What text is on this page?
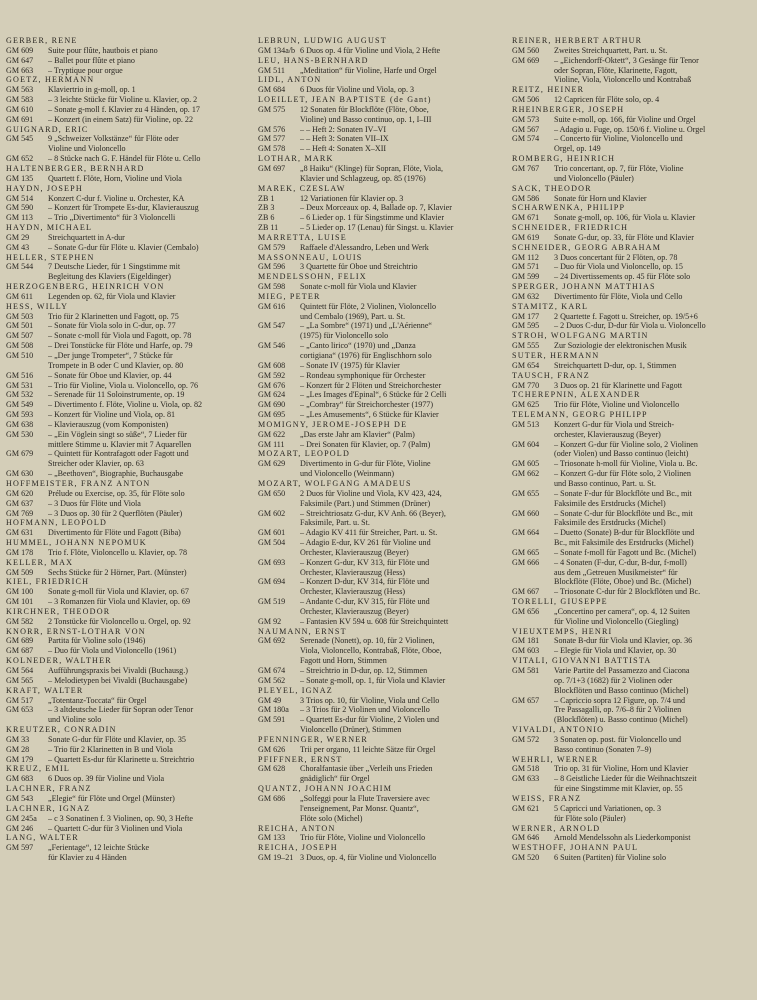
GERBER, RENE
GM 609	Suite pour flûte, hautbois et piano
GM 647	– Ballet pour flûte et piano
GM 663	– Tryptique pour orgue
GOETZ, HERMANN
GM 563	Klaviertrio in g-moll, op. 1
GM 583	– 3 leichte Stücke für Violine u. Klavier, op. 2
GM 610	– Sonate g-moll f. Klavier zu 4 Händen, op. 17
GM 691	– Konzert (in einem Satz) für Violine, op. 22
GUIGNARD, ERIC
GM 545	9 „Schweizer Volkstänze“ für Flöte oder
Violine und Violoncello
GM 652	– 8 Stücke nach G. F. Händel für Flöte u. Cello
HALTENBERGER, BERNHARD
GM 135	Quartett f. Flöte, Horn, Violine und Viola
HAYDN, JOSEPH
GM 514	Konzert C-dur f. Violine u. Orchester, KA
GM 590	– Konzert für Trompete Es-dur, Klavierauszug
GM 113	– Trio „Divertimento“ für 3 Violoncelli
HAYDN, MICHAEL
GM 29	Streichquartett in A-dur
GM 43	– Sonate G-dur für Flöte u. Klavier (Cembalo)
HELLER, STEPHEN
GM 544	7 Deutsche Lieder, für 1 Singstimme mit
Begleitung des Klaviers (Eigeldinger)
HERZOGENBERG, HEINRICH VON
GM 611	Legenden op. 62, für Viola und Klavier
HESS, WILLY
GM 503	Trio für 2 Klarinetten und Fagott, op. 75
GM 501	– Sonate für Viola solo in C-dur, op. 77
GM 507	– Sonate c-moll für Viola und Fagott, op. 78
GM 508	– Drei Tonstücke für Flöte und Harfe, op. 79
GM 510	– „Der junge Trompeter“, 7 Stücke für
Trompete in B oder C und Klavier, op. 80
GM 516	– Sonate für Oboe und Klavier, op. 44
GM 531	– Trio für Violine, Viola u. Violoncello, op. 76
GM 532	– Serenade für 11 Soloinstrumente, op. 19
GM 549	– Divertimento f. Flöte, Violine u. Viola, op. 82
GM 593	– Konzert für Violine und Viola, op. 81
GM 638	– Klavierauszug (vom Komponisten)
GM 530	– „Ein Vöglein singt so süße“, 7 Lieder für
mittlere Stimme u. Klavier mit 7 Aquarellen
GM 679	– Quintett für Kontrafagott oder Fagott und
Streicher oder Klavier, op. 63
GM 630	– „Beethoven“, Biographie, Buchausgabe
HOFFMEISTER, FRANZ ANTON
GM 620	Prélude ou Exercise, op. 35, für Flöte solo
GM 637	– 3 Duos für Flöte und Viola
GM 769	– 3 Duos op. 30 für 2 Querflöten (Päuler)
HOFMANN, LEOPOLD
GM 631	Divertimento für Flöte und Fagott (Biba)
HUMMEL, JOHANN NEPOMUK
GM 178	Trio f. Flöte, Violoncello u. Klavier, op. 78
KELLER, MAX
GM 509	Sechs Stücke für 2 Hörner, Part. (Münster)
KIEL, FRIEDRICH
GM 100	Sonate g-moll für Viola und Klavier, op. 67
GM 101	– 3 Romanzen für Viola und Klavier, op. 69
KIRCHNER, THEODOR
GM 582	2 Tonstücke für Violoncello u. Orgel, op. 92
KNORR, ERNST-LOTHAR VON
GM 689	Partita für Violine solo (1946)
GM 687	– Duo für Viola und Violoncello (1961)
KOLNEDER, WALTHER
GM 564	Aufführungspraxis bei Vivaldi (Buchausg.)
GM 565	– Melodietypen bei Vivaldi (Buchausgabe)
KRAFT, WALTER
GM 517	„Totentanz-Toccata“ für Orgel
GM 653	– 3 altdeutsche Lieder für Sopran oder Tenor
und Violine solo
KREUTZER, CONRADIN
GM 33	Sonate G-dur für Flöte und Klavier, op. 35
GM 28	– Trio für 2 Klarinetten in B und Viola
GM 179	– Quartett Es-dur für Klarinette u. Streichtrio
KREUZ, EMIL
GM 683	6 Duos op. 39 für Violine und Viola
LACHNER, FRANZ
GM 543	„Elegie“ für Flöte und Orgel (Münster)
LACHNER, IGNAZ
GM 245a	– c 3 Sonatinen f. 3 Violinen, op. 90, 3 Hefte
GM 246	– Quartett C-dur für 3 Violinen und Viola
LANG, WALTER
GM 597	„Ferientage“, 12 leichte Stücke
für Klavier zu 4 Händen
LEBRUN, LUDWIG AUGUST
GM 134a/b 6 Duos op. 4 für Violine und Viola, 2 Hefte
LEU, HANS-BERNHARD
GM 511	„Meditation“ für Violine, Harfe und Orgel
LIDL, ANTON
GM 684	6 Duos für Violine und Viola, op. 3
LOEILLET, JEAN BAPTISTE (de Gant)
GM 575	12 Sonaten für Blockflöte (Flöte, Oboe,
Violine) und Basso continuo, op. 1, I–III
GM 576	– – Heft 2: Sonaten IV–VI
GM 577	– – Heft 3: Sonaten VII–IX
GM 578	– – Heft 4: Sonaten X–XII
LOTHAR, MARK
GM 697	„8 Haiku“ (Klinge) für Sopran, Flöte, Viola,
Klavier und Schlagzeug, op. 85 (1976)
MAREK, CZESLAW
ZB 1	12 Variationen für Klavier op. 3
ZB 3	– Deux Morceaux op. 4, Ballade op. 7, Klavier
ZB 6	– 6 Lieder op. 1 für Singstimme und Klavier
ZB 11	– 5 Lieder op. 17 (Lenau) für Singst. u. Klavier
MARRETTA, LUISE
GM 579	Raffaele d'Alessandro, Leben und Werk
MASSONNEAU, LOUIS
GM 596	3 Quartette für Oboe und Streichtrio
MENDELSSOHN, FELIX
GM 598	Sonate c-moll für Viola und Klavier
MIEG, PETER
GM 616	Quintett für Flöte, 2 Violinen, Violoncello
und Cembalo (1969), Part. u. St.
GM 547	– „La Sombre“ (1971) und „L'Aérienne“
(1975) für Violoncello solo
GM 546	– „Canto lirico“ (1970) und „Danza
cortigiana“ (1976) für Englischhorn solo
GM 608	– Sonate IV (1975) für Klavier
GM 592	– Rondeau symphonique für Orchester
GM 676	– Konzert für 2 Flöten und Streichorchester
GM 624	– „Les Images d'Epinal“, 6 Stücke für 2 Celli
GM 690	– „Combray“ für Streichorchester (1977)
GM 695	– „Les Amusements“, 6 Stücke für Klavier
MOMIGNY, JEROME-JOSEPH DE
GM 622	„Das erste Jahr am Klavier“ (Palm)
GM 111	– Drei Sonaten für Klavier, op. 7 (Palm)
MOZART, LEOPOLD
GM 629	Divertimento in G-dur für Flöte, Violine
und Violoncello (Weinmann)
MOZART, WOLFGANG AMADEUS
GM 650	2 Duos für Violine und Viola, KV 423, 424,
Faksimile (Part.) und Stimmen (Drüner)
GM 602	– Streichtriosatz G-dur, KV Anh. 66 (Beyer),
Faksimile, Part. u. St.
GM 601	– Adagio KV 411 für Streicher, Part. u. St.
GM 504	– Adagio E-dur, KV 261 für Violine und
Orchester, Klavierauszug (Beyer)
GM 693	– Konzert G-dur, KV 313, für Flöte und
Orchester, Klavierauszug (Hess)
GM 694	– Konzert D-dur, KV 314, für Flöte und
Orchester, Klavierauszug (Hess)
GM 519	– Andante C-dur, KV 315, für Flöte und
Orchester, Klavierauszug (Beyer)
GM 92	– Fantasien KV 594 u. 608 für Streichquintett
NAUMANN, ERNST
GM 692	Serenade (Nonett), op. 10, für 2 Violinen,
Viola, Violoncello, Kontrabaß, Flöte, Oboe,
Fagott und Horn, Stimmen
GM 674	– Streichtrio in D-dur, op. 12, Stimmen
GM 562	– Sonate g-moll, op. 1, für Viola und Klavier
PLEYEL, IGNAZ
GM 49	3 Trios op. 10, für Violine, Viola und Cello
GM 180a	– 3 Trios für 2 Violinen und Violoncello
GM 591	– Quartett Es-dur für Violine, 2 Violen und
Violoncello (Drüner), Stimmen
PFENNINGER, WERNER
GM 626	Trii per organo, 11 leichte Sätze für Orgel
PFIFFNER, ERNST
GM 628	Choralfantasie über „Verleih uns Frieden
gnädiglich“ für Orgel
QUANTZ, JOHANN JOACHIM
GM 686	„Solfeggi pour la Flute Traversiere avec
l'enseignement, Par Monsr. Quantz“,
Flöte solo (Michel)
REICHA, ANTON
GM 133	Trio für Flöte, Violine und Violoncello
REICHA, JOSEPH
GM 19–21 3 Duos, op. 4, für Violine und Violoncello
REINER, HERBERT ARTHUR
GM 560	Zweites Streichquartett, Part. u. St.
GM 669	– „Eichendorff-Oktett“, 3 Gesänge für Tenor
oder Sopran, Flöte, Klarinette, Fagott,
Violine, Viola, Violoncello und Kontrabaß
REITZ, HEINER
GM 506	12 Capricen für Flöte solo, op. 4
RHEINBERGER, JOSEPH
GM 573	Suite e-moll, op. 166, für Violine und Orgel
GM 567	– Adagio u. Fuge, op. 150/6 f. Violine u. Orgel
GM 574	– Concerto für Violine, Violoncello und
Orgel, op. 149
ROMBERG, HEINRICH
GM 767	Trio concertant, op. 7, für Flöte, Violine
und Violoncello (Päuler)
SACK, THEODOR
GM 586	Sonate für Horn und Klavier
SCHARWENKA, PHILIPP
GM 671	Sonate g-moll, op. 106, für Viola u. Klavier
SCHNEIDER, FRIEDRICH
GM 619	Sonate G-dur, op. 33, für Flöte und Klavier
SCHNEIDER, GEORG ABRAHAM
GM 112	3 Duos concertant für 2 Flöten, op. 78
GM 571	– Duo für Viola und Violoncello, op. 15
GM 599	– 24 Divertissements op. 45 für Flöte solo
SPERGER, JOHANN MATTHIAS
GM 632	Divertimento für Flöte, Viola und Cello
STAMITZ, KARL
GM 177	2 Quartette f. Fagott u. Streicher, op. 19/5+6
GM 595	– 2 Duos C-dur, D-dur für Viola u. Violoncello
STROH, WOLFGANG MARTIN
GM 555	Zur Soziologie der elektronischen Musik
SUTER, HERMANN
GM 654	Streichquartett D-dur, op. 1, Stimmen
TAUSCH, FRANZ
GM 770	3 Duos op. 21 für Klarinette und Fagott
TCHEREPNIN, ALEXANDER
GM 625	Trio für Flöte, Violine und Violoncello
TELEMANN, GEORG PHILIPP
GM 513	Konzert G-dur für Viola und Streich-
orchester, Klavierauszug (Beyer)
GM 604	– Konzert G-dur für Violine solo, 2 Violinen
(oder Violen) und Basso continuo (leicht)
GM 605	– Triosonate h-moll für Violine, Viola u. Bc.
GM 662	– Konzert G-dur für Flöte solo, 2 Violinen
und Basso continuo, Part. u. St.
GM 655	– Sonate F-dur für Blockflöte und Bc., mit
Faksimile des Erstdrucks (Michel)
GM 660	– Sonate C-dur für Blockflöte und Bc., mit
Faksimile des Erstdrucks (Michel)
GM 664	– Duetto (Sonate) B-dur für Blockflöte und
Bc., mit Faksimile des Erstdrucks (Michel)
GM 665	– Sonate f-moll für Fagott und Bc. (Michel)
GM 666	– 4 Sonaten (F-dur, C-dur, B-dur, f-moll)
aus dem „Getreuen Musikmeister“ für
Blockflöte (Flöte, Oboe) und Bc. (Michel)
GM 667	– Triosonate C-dur für 2 Blockflöten und Bc.
TORELLI, GIUSEPPE
GM 656	„Concertino per camera“, op. 4, 12 Suiten
für Violine und Violoncello (Giegling)
VIEUXTEMPS, HENRI
GM 181	Sonate B-dur für Viola und Klavier, op. 36
GM 603	– Elegie für Viola und Klavier, op. 30
VITALI, GIOVANNI BATTISTA
GM 581	Varie Partite del Passamezzo and Ciacona
op. 7/1+3 (1682) für 2 Violinen oder
Blockflöten und Basso continuo (Michel)
GM 657	– Capriccio sopra 12 Figure, op. 7/4 und
Tre Passagalli, op. 7/6–8 für 2 Violinen
(Blockflöten) u. Basso continuo (Michel)
VIVALDI, ANTONIO
GM 572	3 Sonaten op. post. für Violoncello und
Basso continuo (Sonaten 7–9)
WEHRLI, WERNER
GM 518	Trio op. 31 für Violine, Horn und Klavier
GM 633	– 8 Geistliche Lieder für die Weihnachtszeit
für eine Singstimme mit Klavier, op. 55
WEISS, FRANZ
GM 621	5 Capricci und Variationen, op. 3
für Flöte solo (Päuler)
WERNER, ARNOLD
GM 646	Arnold Mendelssohn als Liederkomponist
WESTHOFF, JOHANN PAUL
GM 520	6 Suiten (Partiten) für Violine solo
